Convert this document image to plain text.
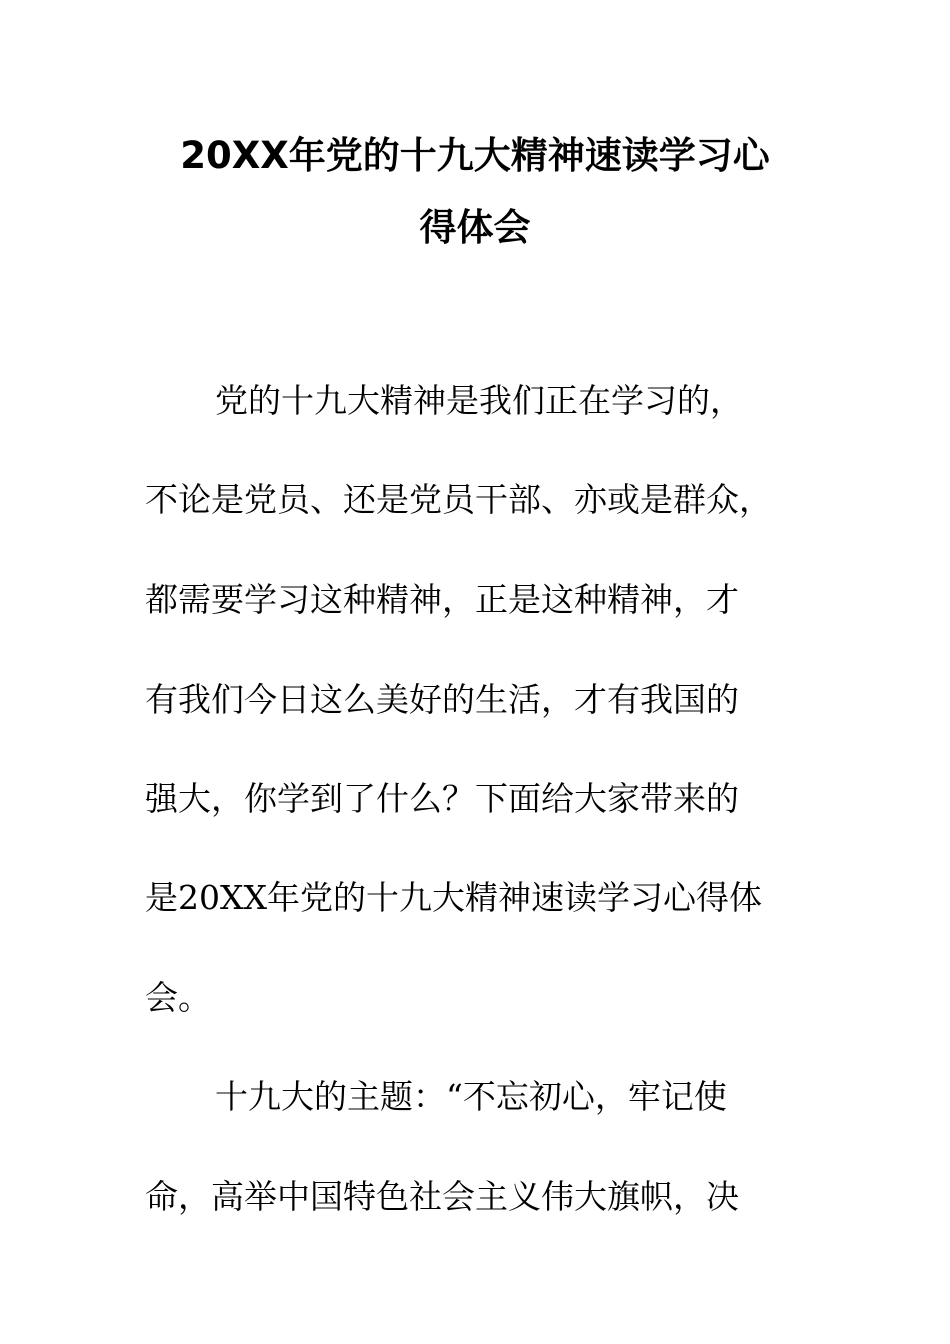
20XX年党的十九大精神速读学习心
得体会
党的十九大精神是我们正在学习的，
不论是党员、还是党员干部、亦或是群众，
都需要学习这种精神，正是这种精神，才
有我们今日这么美好的生活，才有我国的
强大，你学到了什么？下面给大家带来的
是20XX年党的十九大精神速读学习心得体
会。
十九大的主题：“不忘初心，牢记使
命，高举中国特色社会主义伟大旗帜，决
